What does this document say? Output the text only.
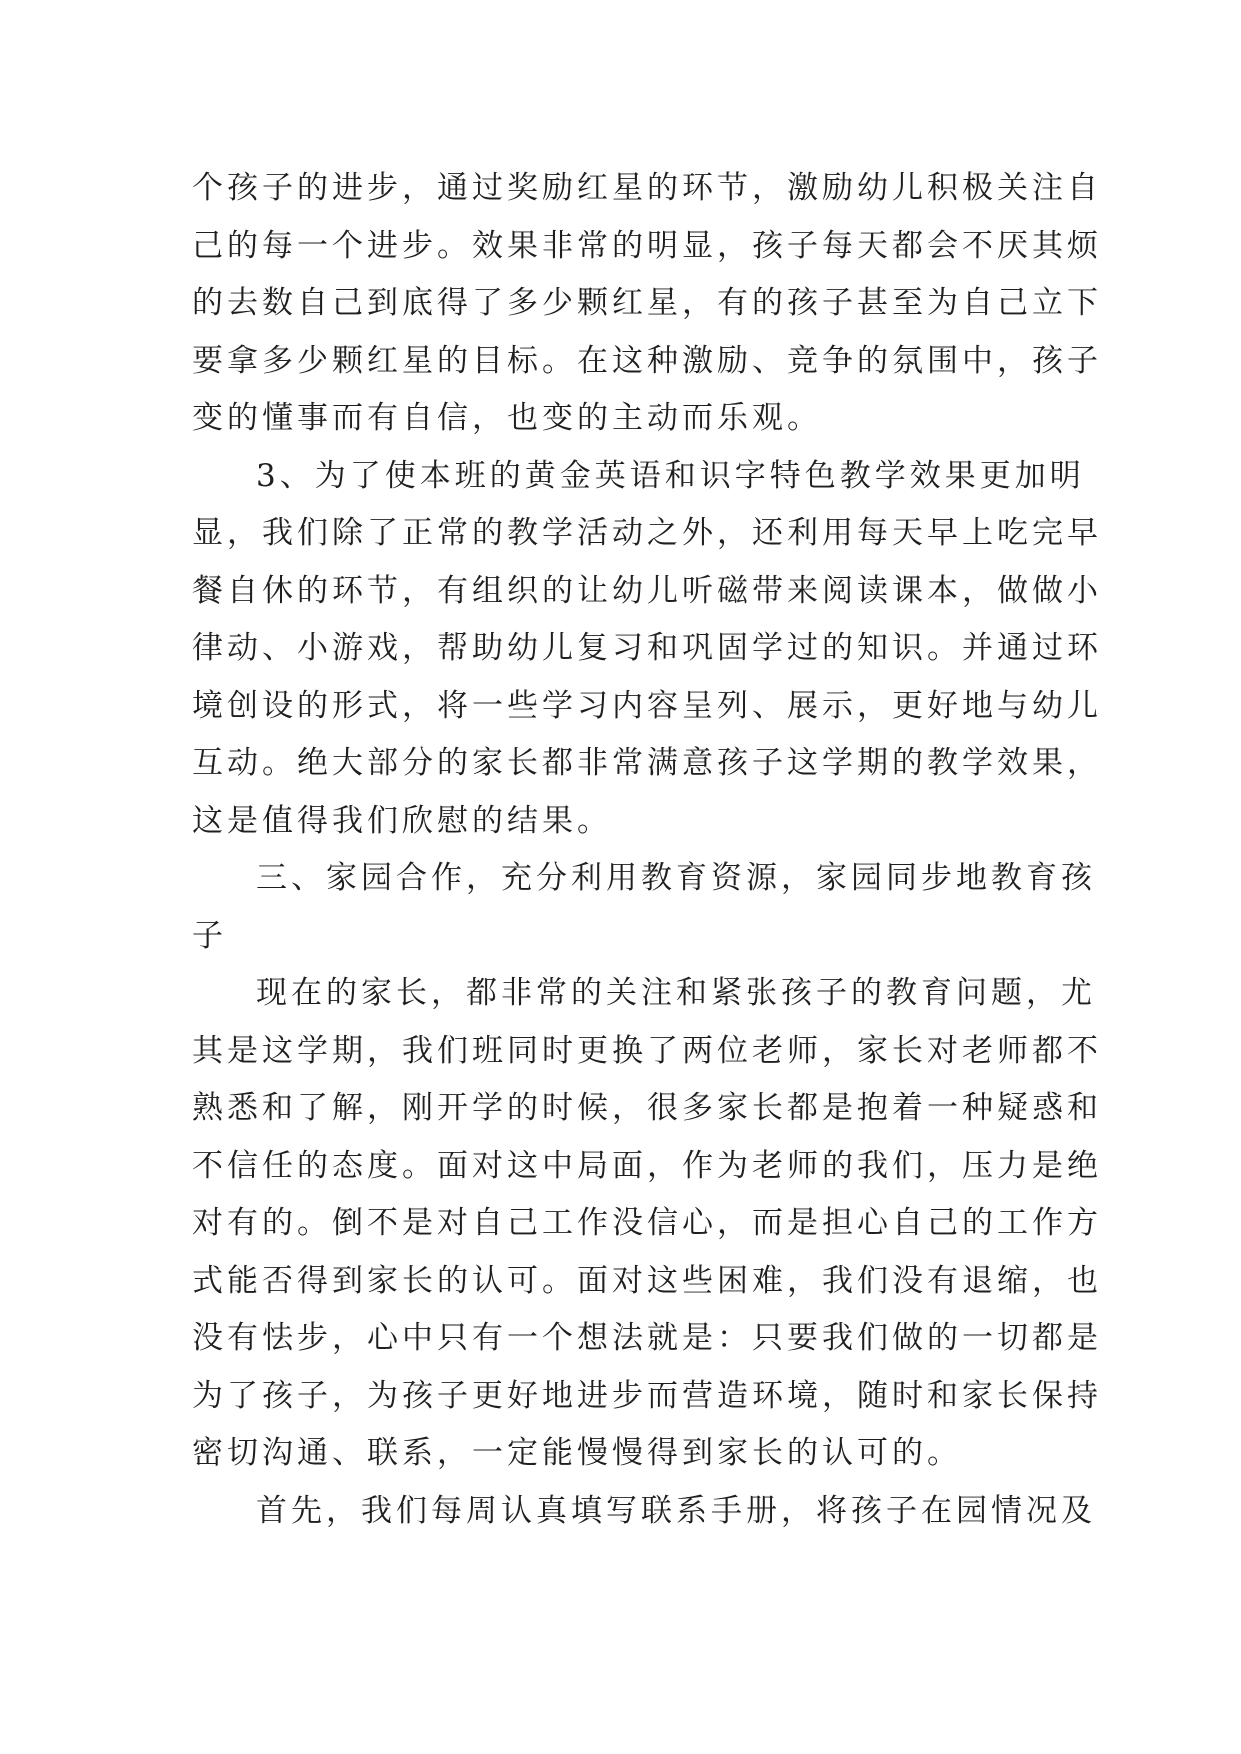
个孩子的进步，通过奖励红星的环节，激励幼儿积极关注自
己的每一个进步。效果非常的明显，孩子每天都会不厌其烦
的去数自己到底得了多少颗红星，有的孩子甚至为自己立下
要拿多少颗红星的目标。在这种激励、竞争的氛围中，孩子
变的懂事而有自信，也变的主动而乐观。
3、为了使本班的黄金英语和识字特色教学效果更加明
显，我们除了正常的教学活动之外，还利用每天早上吃完早
餐自休的环节，有组织的让幼儿听磁带来阅读课本，做做小
律动、小游戏，帮助幼儿复习和巩固学过的知识。并通过环
境创设的形式，将一些学习内容呈列、展示，更好地与幼儿
互动。绝大部分的家长都非常满意孩子这学期的教学效果，
这是值得我们欣慰的结果。
三、家园合作，充分利用教育资源，家园同步地教育孩
子
现在的家长，都非常的关注和紧张孩子的教育问题，尤
其是这学期，我们班同时更换了两位老师，家长对老师都不
熟悉和了解，刚开学的时候，很多家长都是抱着一种疑惑和
不信任的态度。面对这中局面，作为老师的我们，压力是绝
对有的。倒不是对自己工作没信心，而是担心自己的工作方
式能否得到家长的认可。面对这些困难，我们没有退缩，也
没有怯步，心中只有一个想法就是：只要我们做的一切都是
为了孩子，为孩子更好地进步而营造环境，随时和家长保持
密切沟通、联系，一定能慢慢得到家长的认可的。
首先，我们每周认真填写联系手册，将孩子在园情况及
